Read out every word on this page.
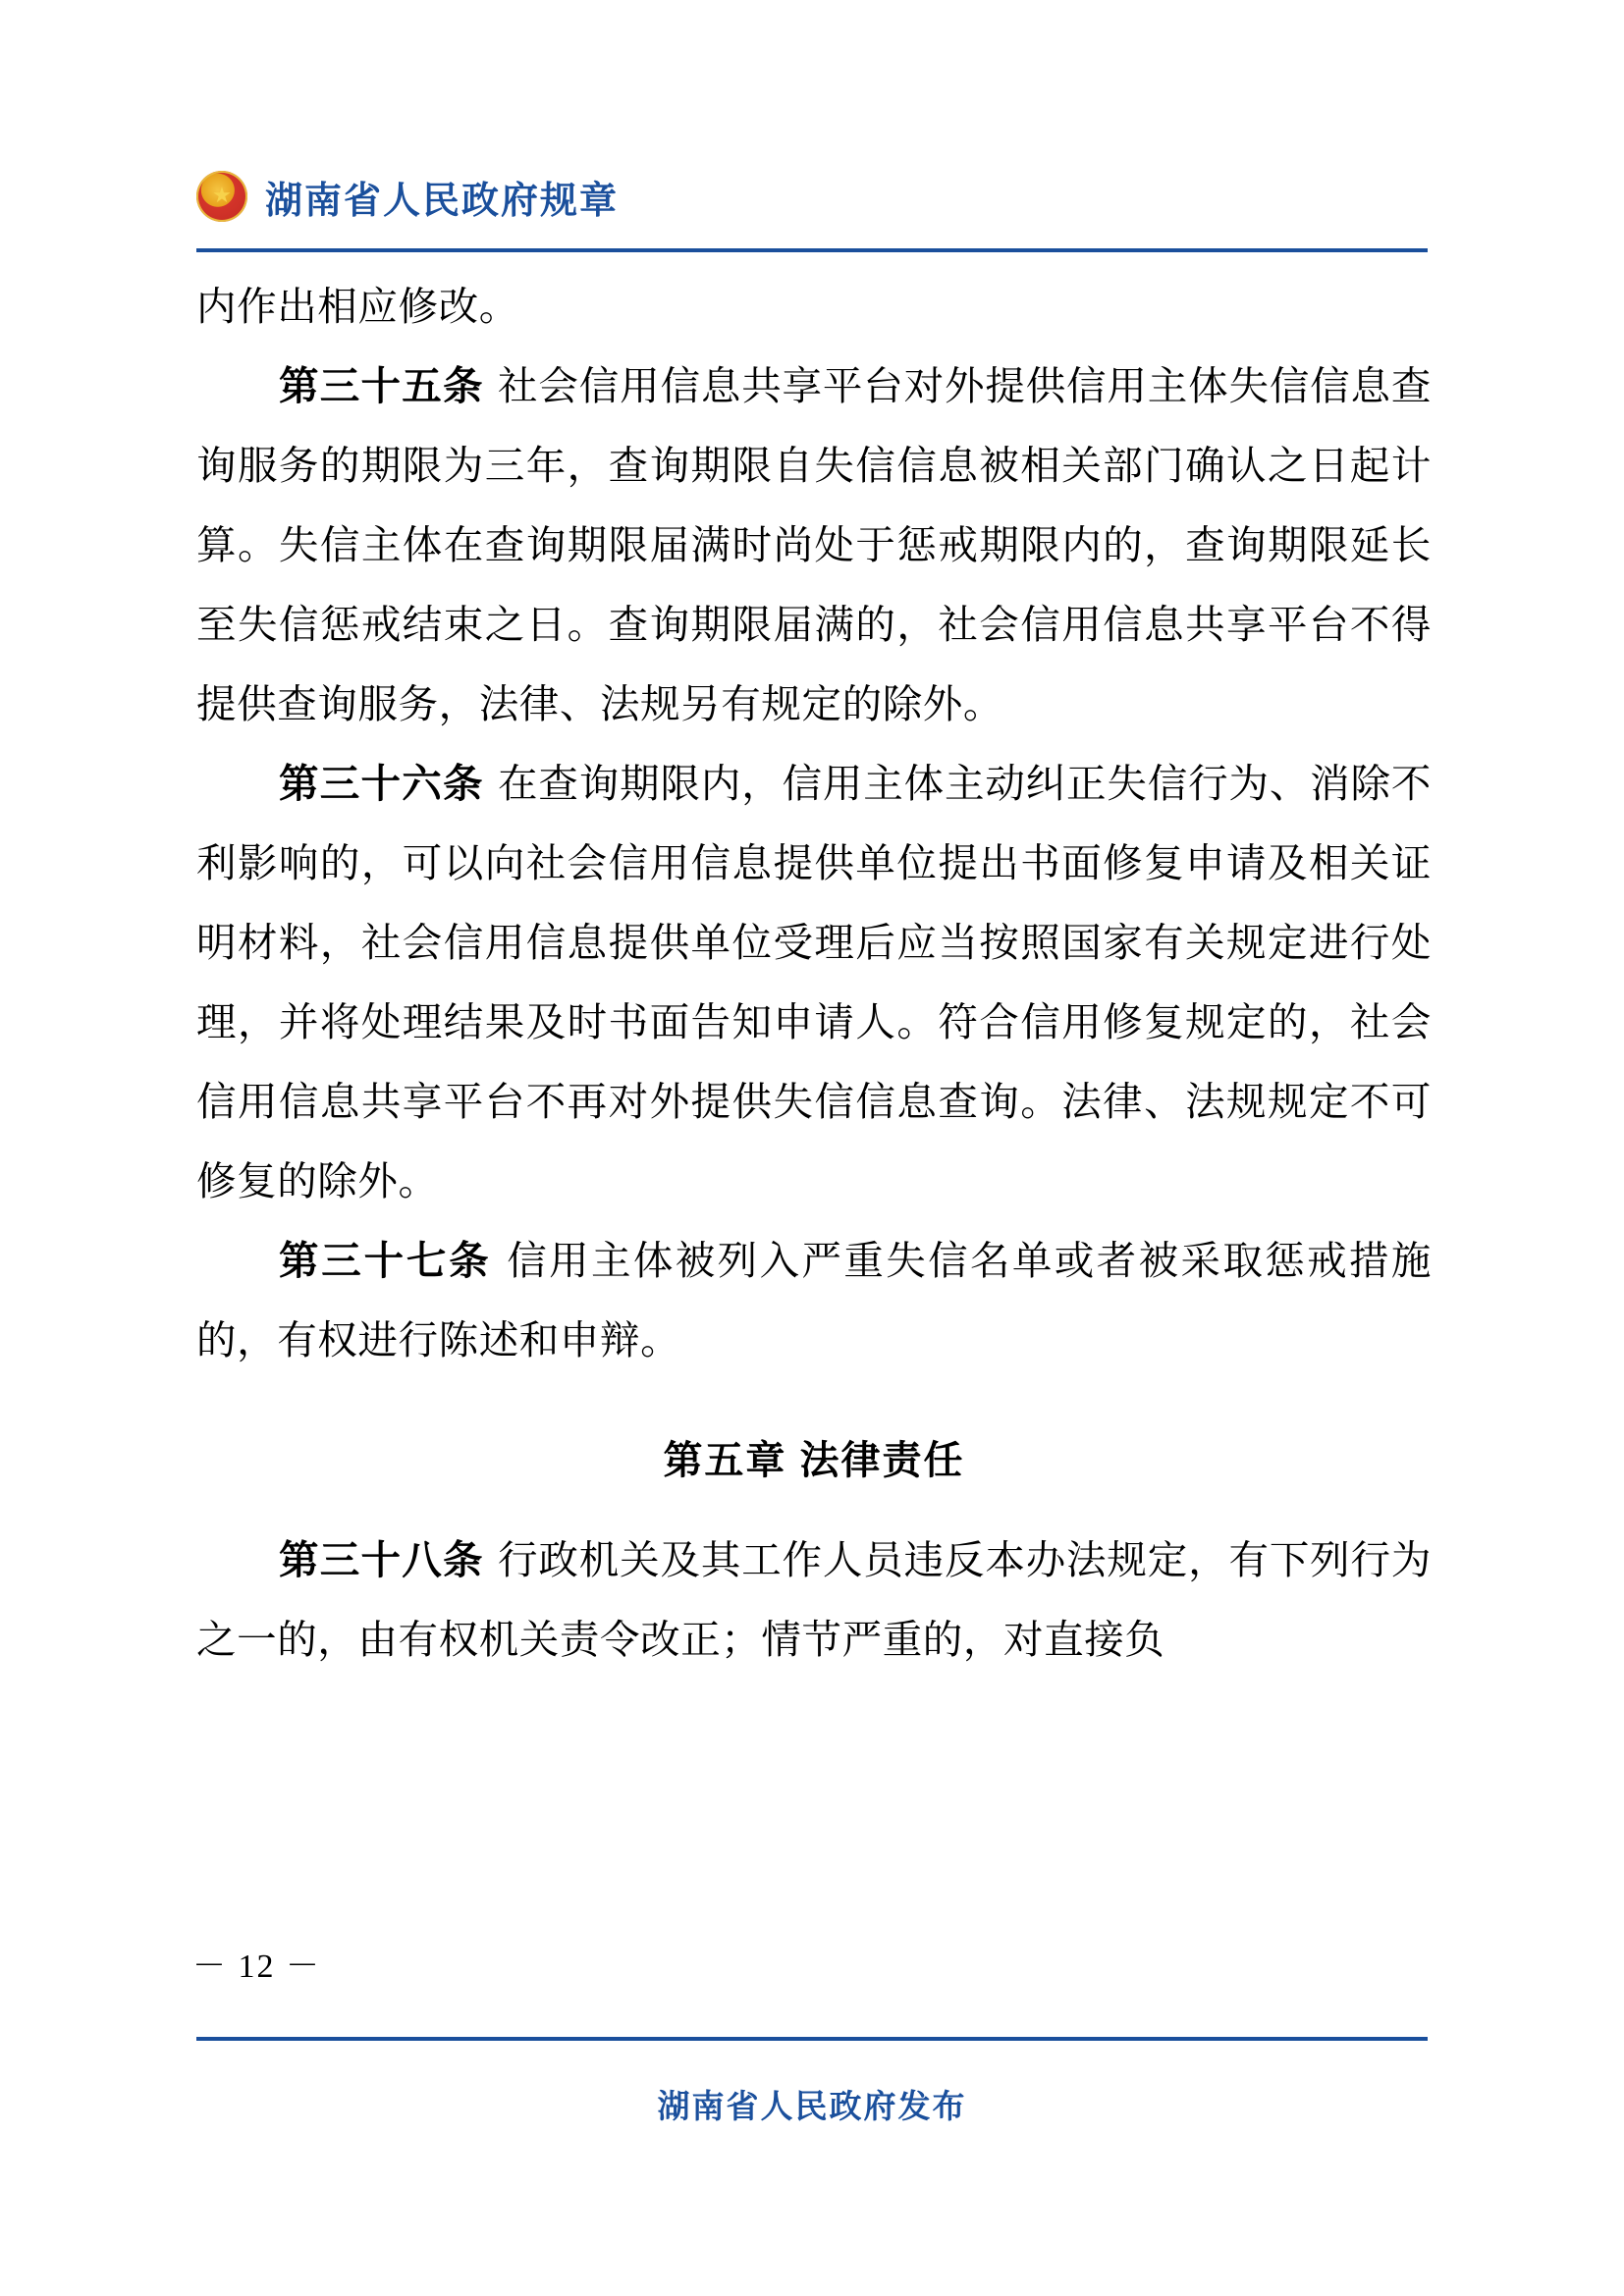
★
湖南省人民政府规章

内作出相应修改。

第三十五条 社会信用信息共享平台对外提供信用主体失信信息查询服务的期限为三年，查询期限自失信信息被相关部门确认之日起计算。失信主体在查询期限届满时尚处于惩戒期限内的，查询期限延长至失信惩戒结束之日。查询期限届满的，社会信用信息共享平台不得提供查询服务，法律、法规另有规定的除外。

第三十六条 在查询期限内，信用主体主动纠正失信行为、消除不利影响的，可以向社会信用信息提供单位提出书面修复申请及相关证明材料，社会信用信息提供单位受理后应当按照国家有关规定进行处理，并将处理结果及时书面告知申请人。符合信用修复规定的，社会信用信息共享平台不再对外提供失信信息查询。法律、法规规定不可修复的除外。

第三十七条 信用主体被列入严重失信名单或者被采取惩戒措施的，有权进行陈述和申辩。

第五章 法律责任

第三十八条 行政机关及其工作人员违反本办法规定，有下列行为之一的，由有权机关责令改正；情节严重的，对直接负

－ 12 －
湖南省人民政府发布
